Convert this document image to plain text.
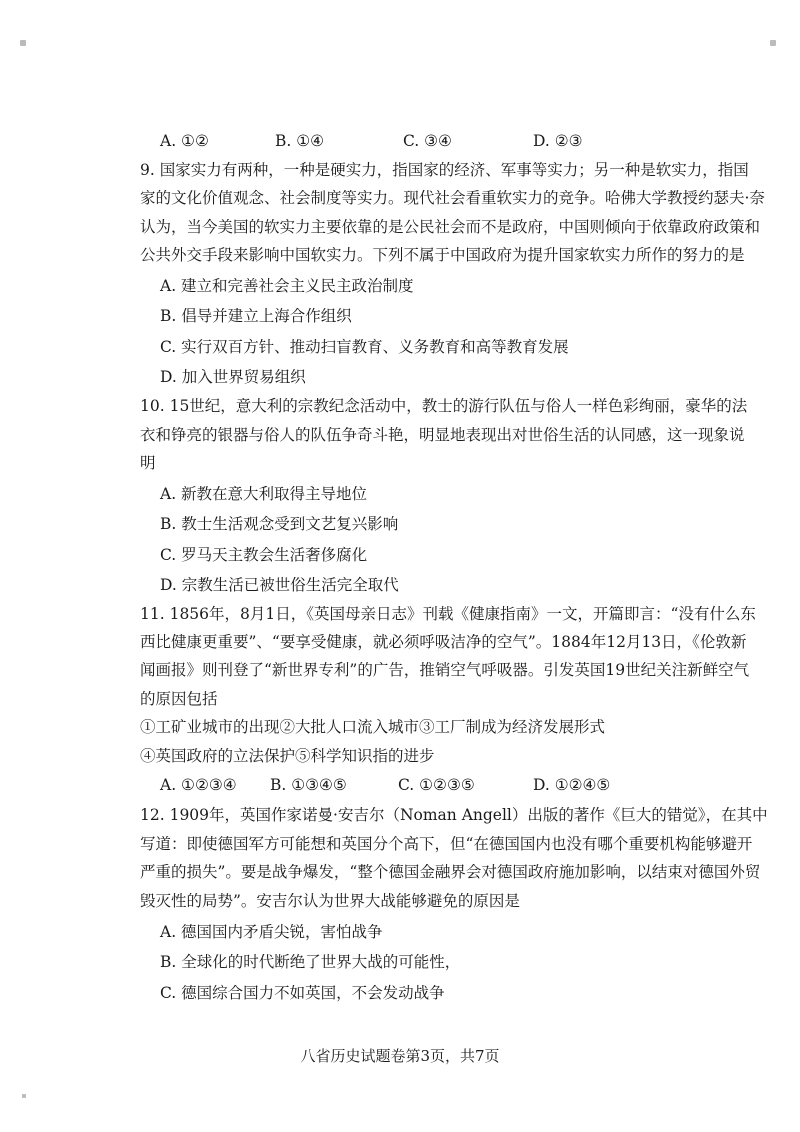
A. ①②	B. ①④	C. ③④	D. ②③
9. 国家实力有两种，一种是硬实力，指国家的经济、军事等实力；另一种是软实力，指国
家的文化价值观念、社会制度等实力。现代社会看重软实力的竞争。哈佛大学教授约瑟夫·奈
认为，当今美国的软实力主要依靠的是公民社会而不是政府，中国则倾向于依靠政府政策和
公共外交手段来影响中国软实力。下列不属于中国政府为提升国家软实力所作的努力的是
A. 建立和完善社会主义民主政治制度
B. 倡导并建立上海合作组织
C. 实行双百方针、推动扫盲教育、义务教育和高等教育发展
D. 加入世界贸易组织
10. 15世纪，意大利的宗教纪念活动中，教士的游行队伍与俗人一样色彩绚丽，豪华的法
衣和铮亮的银器与俗人的队伍争奇斗艳，明显地表现出对世俗生活的认同感，这一现象说
明
A. 新教在意大利取得主导地位
B. 教士生活观念受到文艺复兴影响
C. 罗马天主教会生活奢侈腐化
D. 宗教生活已被世俗生活完全取代
11. 1856年，8月1日，《英国母亲日志》刊载《健康指南》一文，开篇即言：“没有什么东
西比健康更重要”、“要享受健康，就必须呼吸洁净的空气”。1884年12月13日，《伦敦新
闻画报》则刊登了“新世界专利”的广告，推销空气呼吸器。引发英国19世纪关注新鲜空气
的原因包括
①工矿业城市的出现②大批人口流入城市③工厂制成为经济发展形式
④英国政府的立法保护⑤科学知识指的进步
A. ①②③④	B. ①③④⑤	C. ①②③⑤	D. ①②④⑤
12. 1909年，英国作家诺曼·安吉尔（Noman Angell）出版的著作《巨大的错觉》，在其中
写道：即使德国军方可能想和英国分个高下，但“在德国国内也没有哪个重要机构能够避开
严重的损失”。要是战争爆发，“整个德国金融界会对德国政府施加影响，以结束对德国外贸
毁灭性的局势”。安吉尔认为世界大战能够避免的原因是
A. 德国国内矛盾尖锐，害怕战争
B. 全球化的时代断绝了世界大战的可能性，
C. 德国综合国力不如英国，不会发动战争
八省历史试题卷第3页，共7页
